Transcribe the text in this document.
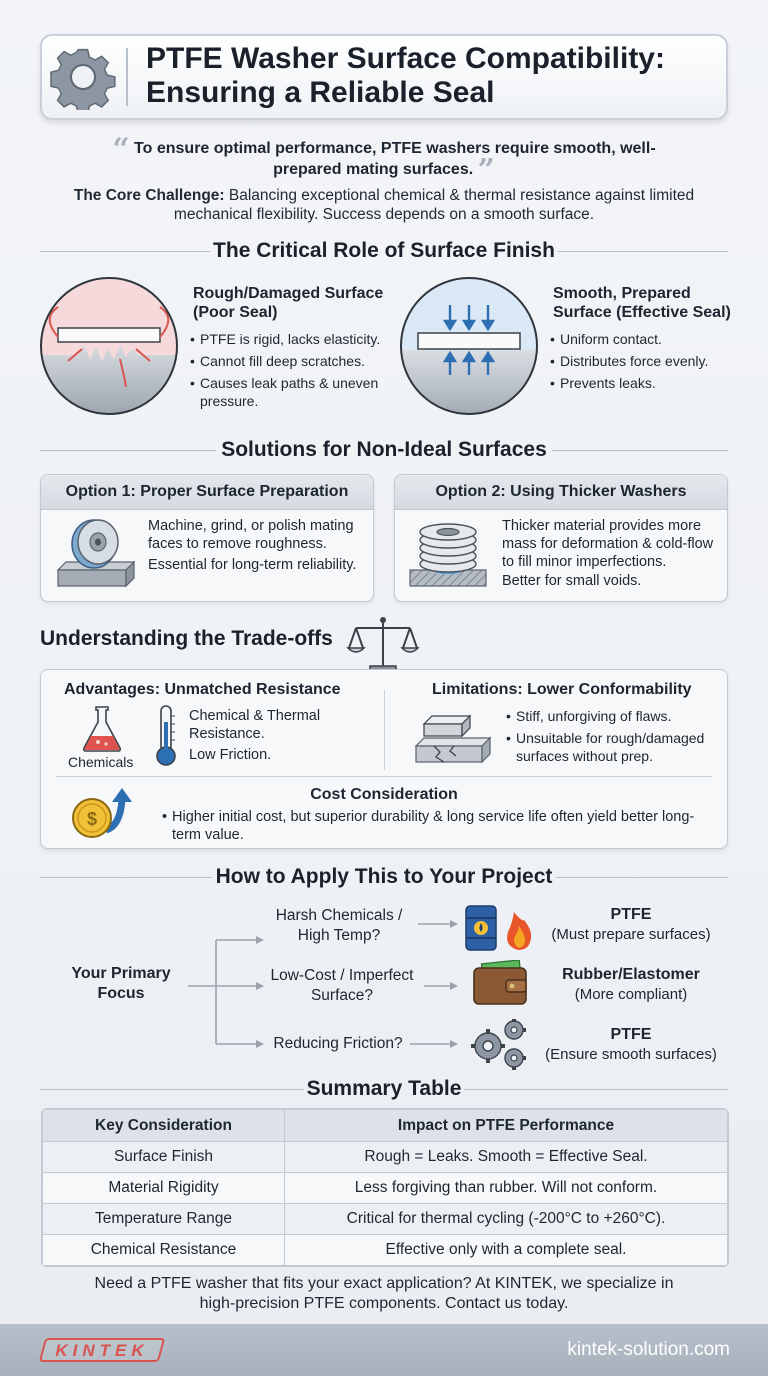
PTFE Washer Surface Compatibility: Ensuring a Reliable Seal
“ To ensure optimal performance, PTFE washers require smooth, well-prepared mating surfaces. ”
The Core Challenge: Balancing exceptional chemical & thermal resistance against limited mechanical flexibility. Success depends on a smooth surface.
The Critical Role of Surface Finish
Rough/Damaged Surface (Poor Seal)
• PTFE is rigid, lacks elasticity.
• Cannot fill deep scratches.
• Causes leak paths & uneven pressure.
Smooth, Prepared Surface (Effective Seal)
• Uniform contact.
• Distributes force evenly.
• Prevents leaks.
Solutions for Non-Ideal Surfaces
Option 1: Proper Surface Preparation
Machine, grind, or polish mating faces to remove roughness.
Essential for long-term reliability.
Option 2: Using Thicker Washers
Thicker material provides more mass for deformation & cold-flow to fill minor imperfections.
Better for small voids.
Understanding the Trade-offs
Advantages: Unmatched Resistance
Chemicals
Chemical & Thermal Resistance.
Low Friction.
Limitations: Lower Conformability
• Stiff, unforgiving of flaws.
• Unsuitable for rough/damaged surfaces without prep.
$
Cost Consideration
• Higher initial cost, but superior durability & long service life often yield better long-term value.
How to Apply This to Your Project
Your Primary Focus
Harsh Chemicals / High Temp?
Low-Cost / Imperfect Surface?
Reducing Friction?
PTFE
(Must prepare surfaces)
Rubber/Elastomer
(More compliant)
PTFE
(Ensure smooth surfaces)
Summary Table
Key Consideration	Impact on PTFE Performance
Surface Finish	Rough = Leaks. Smooth = Effective Seal.
Material Rigidity	Less forgiving than rubber. Will not conform.
Temperature Range	Critical for thermal cycling (-200°C to +260°C).
Chemical Resistance	Effective only with a complete seal.
Need a PTFE washer that fits your exact application? At KINTEK, we specialize in high-precision PTFE components. Contact us today.
KINTEK	kintek-solution.com
